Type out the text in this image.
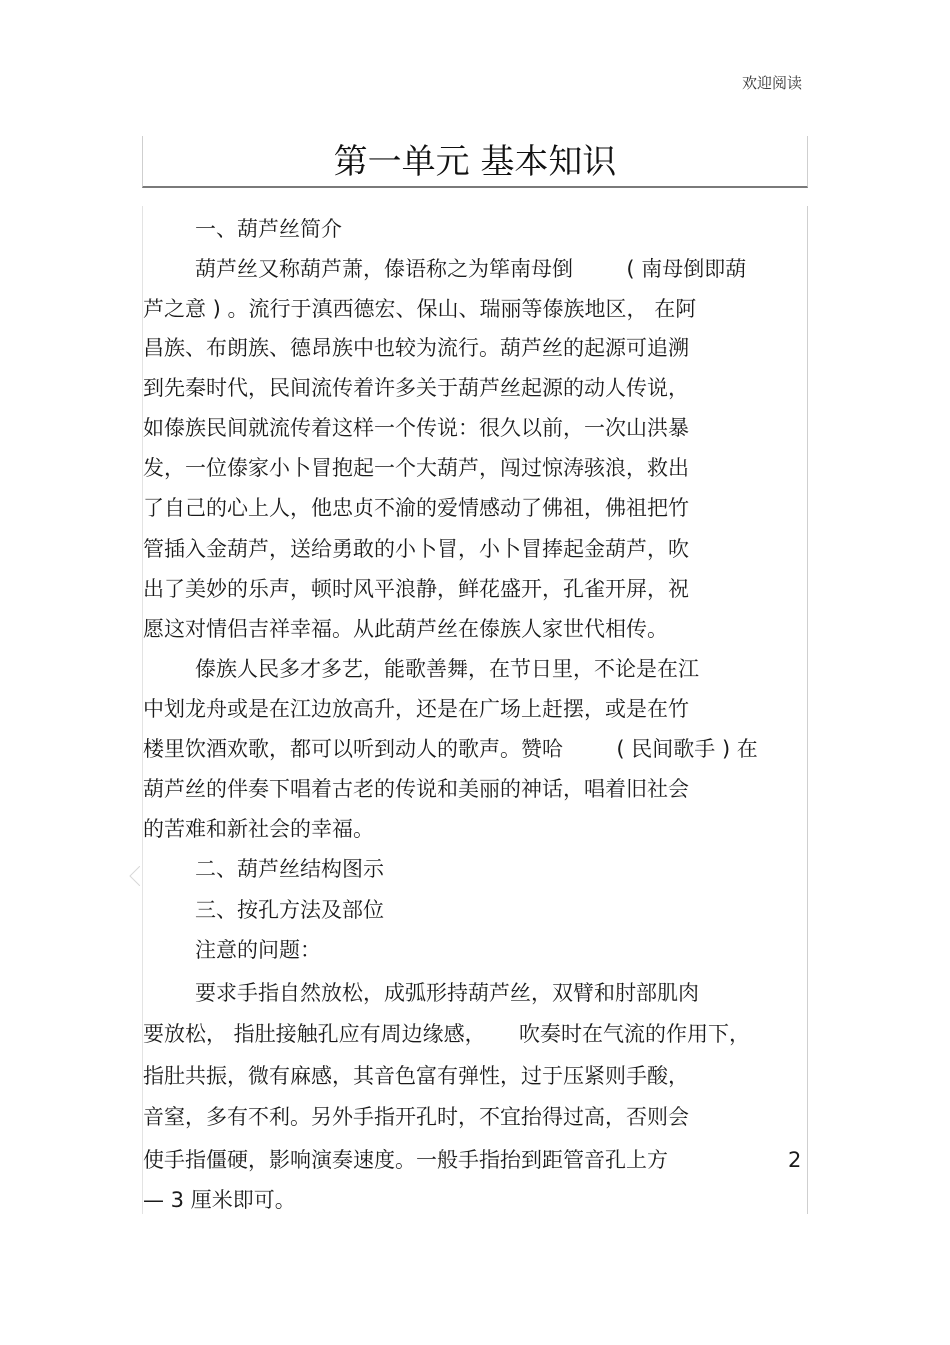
欢迎阅读
第一单元 基本知识
一、葫芦丝简介
葫芦丝又称葫芦萧，傣语称之为筚南母倒        ( 南母倒即葫
芦之意 ) 。流行于滇西德宏、保山、瑞丽等傣族地区， 在阿
昌族、布朗族、德昂族中也较为流行。葫芦丝的起源可追溯
到先秦时代，民间流传着许多关于葫芦丝起源的动人传说，
如傣族民间就流传着这样一个传说：很久以前，一次山洪暴
发，一位傣家小卜冒抱起一个大葫芦，闯过惊涛骇浪，救出
了自己的心上人，他忠贞不渝的爱情感动了佛祖，佛祖把竹
管插入金葫芦，送给勇敢的小卜冒，小卜冒捧起金葫芦，吹
出了美妙的乐声，顿时风平浪静，鲜花盛开，孔雀开屏，祝
愿这对情侣吉祥幸福。从此葫芦丝在傣族人家世代相传。
傣族人民多才多艺，能歌善舞，在节日里，不论是在江
中划龙舟或是在江边放高升，还是在广场上赶摆，或是在竹
楼里饮酒欢歌，都可以听到动人的歌声。赞哈        ( 民间歌手 ) 在
葫芦丝的伴奏下唱着古老的传说和美丽的神话，唱着旧社会
的苦难和新社会的幸福。
二、葫芦丝结构图示
三、按孔方法及部位
注意的问题：
要求手指自然放松，成弧形持葫芦丝，双臂和肘部肌肉
要放松， 指肚接触孔应有周边缘感，     吹奏时在气流的作用下，
指肚共振，微有麻感，其音色富有弹性，过于压紧则手酸，
音窒，多有不利。另外手指开孔时，不宜抬得过高，否则会
使手指僵硬，影响演奏速度。一般手指抬到距管音孔上方	2
— 3 厘米即可。
